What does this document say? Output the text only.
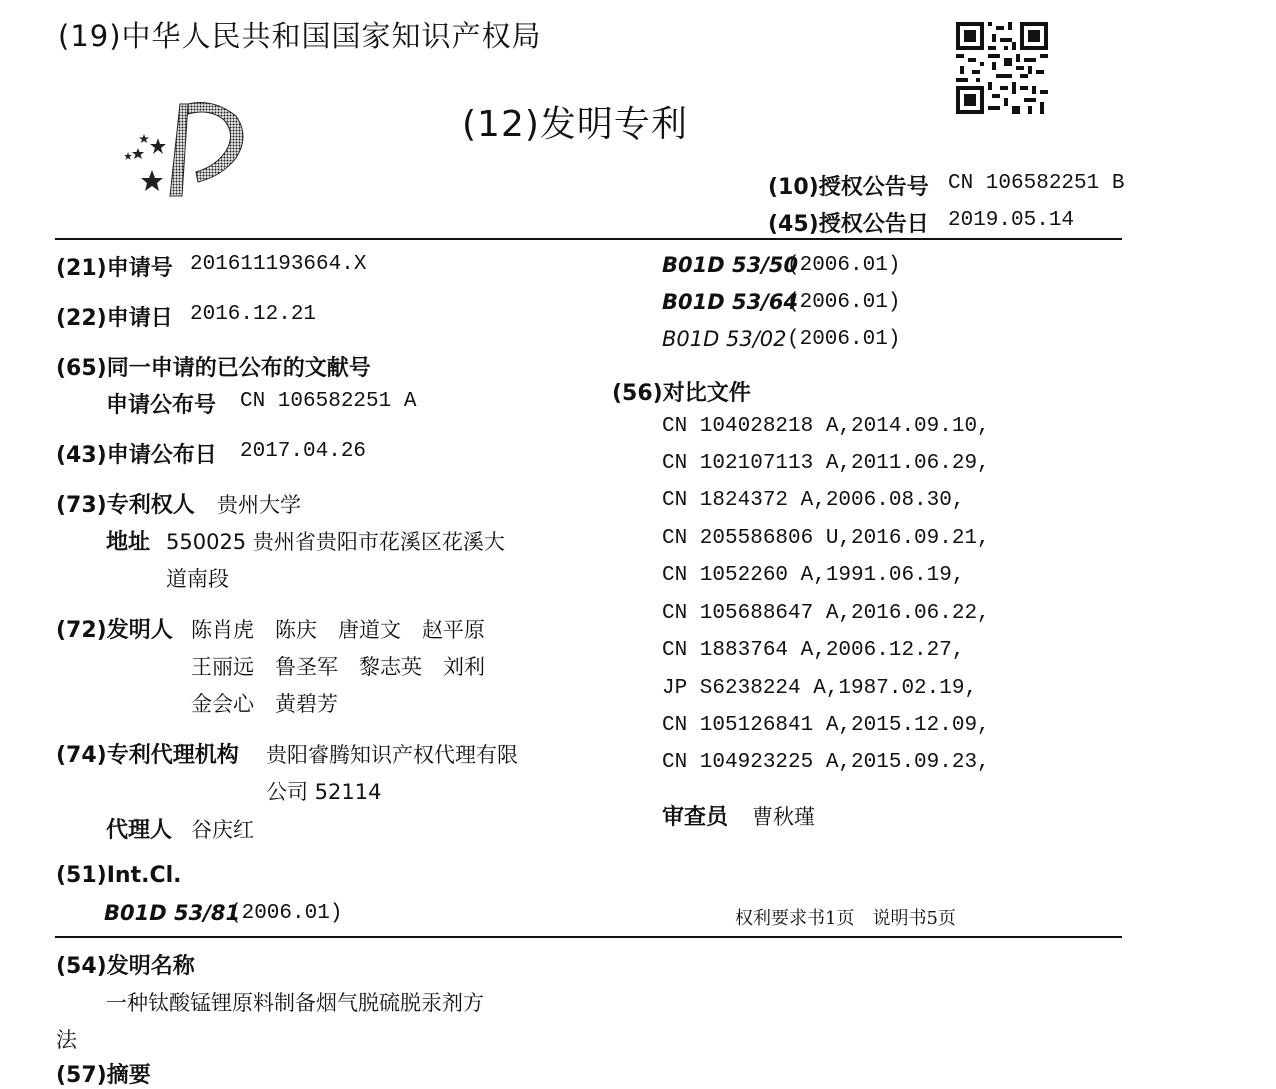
(19)中华人民共和国国家知识产权局
(12)发明专利
(10)授权公告号 CN 106582251 B
(45)授权公告日 2019.05.14
(21)申请号 201611193664.X
(22)申请日 2016.12.21
(65)同一申请的已公布的文献号
申请公布号 CN 106582251 A
(43)申请公布日 2017.04.26
(73)专利权人 贵州大学
地址 550025 贵州省贵阳市花溪区花溪大
道南段
(72)发明人 陈肖虎　陈庆　唐道文　赵平原
王丽远　鲁圣军　黎志英　刘利
金会心　黄碧芳
(74)专利代理机构 贵阳睿腾知识产权代理有限
公司 52114
代理人 谷庆红
(51)Int.Cl.
B01D 53/81
(2006.01)
B01D 53/50
(2006.01)
B01D 53/64
(2006.01)
B01D 53/02 (2006.01)
(56)对比文件
CN 104028218 A,2014.09.10,
CN 102107113 A,2011.06.29,
CN 1824372 A,2006.08.30,
CN 205586806 U,2016.09.21,
CN 1052260 A,1991.06.19,
CN 105688647 A,2016.06.22,
CN 1883764 A,2006.12.27,
JP S6238224 A,1987.02.19,
CN 105126841 A,2015.12.09,
CN 104923225 A,2015.09.23,
审查员 曹秋瑾
权利要求书1页　说明书5页
(54)发明名称
一种钛酸锰锂原料制备烟气脱硫脱汞剂方
法
(57)摘要
